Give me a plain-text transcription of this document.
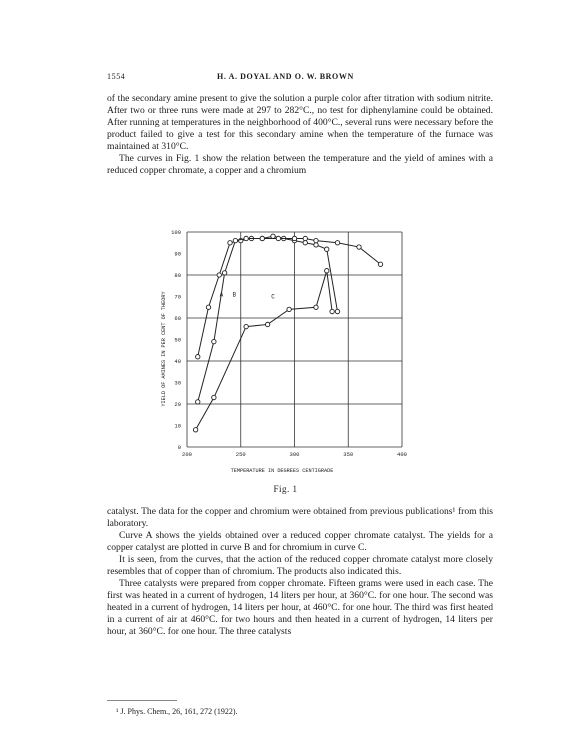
1554	H. A. DOYAL AND O. W. BROWN

of the secondary amine present to give the solution a purple color after titration with sodium nitrite. After two or three runs were made at 297 to 282°C., no test for diphenylamine could be obtained. After running at temperatures in the neighborhood of 400°C., several runs were necessary before the product failed to give a test for this secondary amine when the temperature of the furnace was maintained at 310°C.

The curves in Fig. 1 show the relation between the temperature and the yield of amines with a reduced copper chromate, a copper and a chromium

0
10
20
30
40
50
60
70
80
90
100
200	250	300	350	400
A B	C
YIELD OF AMINES IN PER CENT OF THEORY
TEMPERATURE IN DEGREES CENTIGRADE
Fig. 1

catalyst. The data for the copper and chromium were obtained from previous publications¹ from this laboratory.

Curve A shows the yields obtained over a reduced copper chromate catalyst. The yields for a copper catalyst are plotted in curve B and for chromium in curve C.

It is seen, from the curves, that the action of the reduced copper chromate catalyst more closely resembles that of copper than of chromium. The products also indicated this.

Three catalysts were prepared from copper chromate. Fifteen grams were used in each case. The first was heated in a current of hydrogen, 14 liters per hour, at 360°C. for one hour. The second was heated in a current of hydrogen, 14 liters per hour, at 460°C. for one hour. The third was first heated in a current of air at 460°C. for two hours and then heated in a current of hydrogen, 14 liters per hour, at 360°C. for one hour. The three catalysts

¹ J. Phys. Chem., 26, 161, 272 (1922).
